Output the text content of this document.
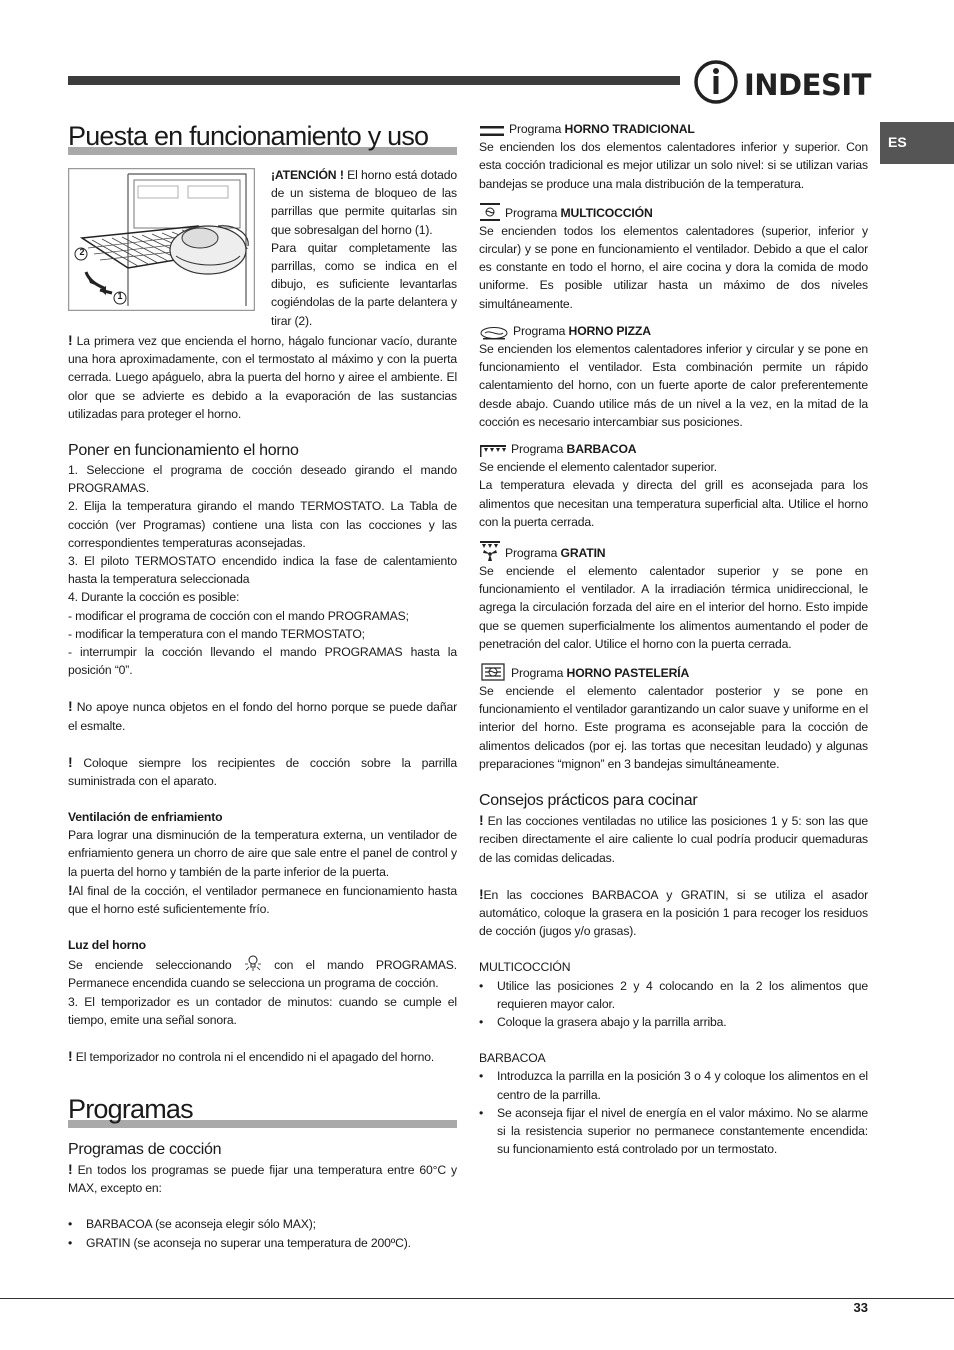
INDESIT
ES
Puesta en funcionamiento y uso
2
1

¡ATENCIÓN ! El horno está dotado de un sistema de bloqueo de las parrillas que permite quitarlas sin que sobresalgan del horno (1).

Para quitar completamente las parrillas, como se indica en el dibujo, es suficiente levantarlas cogiéndolas de la parte delantera y tirar (2).

! La primera vez que encienda el horno, hágalo funcionar vacío, durante una hora aproximadamente, con el termostato al máximo y con la puerta cerrada. Luego apáguelo, abra la puerta del horno y airee el ambiente. El olor que se advierte es debido a la evaporación de las sustancias utilizadas para proteger el horno.

Poner en funcionamiento el horno

1. Seleccione el programa de cocción deseado girando el mando PROGRAMAS.

2. Elija la temperatura girando el mando TERMOSTATO. La Tabla de cocción (ver Programas) contiene una lista con las cocciones y las correspondientes temperaturas aconsejadas.

3. El piloto TERMOSTATO encendido indica la fase de calentamiento hasta la temperatura seleccionada

4. Durante la cocción es posible:

- modificar el programa de cocción con el mando PROGRAMAS;

- modificar la temperatura con el mando TERMOSTATO;

- interrumpir la cocción llevando el mando PROGRAMAS hasta la posición “0”.

! No apoye nunca objetos en el fondo del horno porque se puede dañar el esmalte.

! Coloque siempre los recipientes de cocción sobre la parrilla suministrada con el aparato.

Ventilación de enfriamiento

Para lograr una disminución de la temperatura externa, un ventilador de enfriamiento genera un chorro de aire que sale entre el panel de control y la puerta del horno y también de la parte inferior de la puerta.

!Al final de la cocción, el ventilador permanece en funcionamiento hasta que el horno esté suficientemente frío.

Luz del horno

Se enciende seleccionando  con el mando PROGRAMAS. Permanece encendida cuando se selecciona un programa de cocción.

3. El temporizador es un contador de minutos: cuando se cumple el tiempo, emite una señal sonora.

! El temporizador no controla ni el encendido ni el apagado del horno.

Programas
Programas de cocción

! En todos los programas se puede fijar una temperatura entre 60°C y MAX, excepto en:

• BARBACOA (se aconseja elegir sólo MAX);
• GRATIN (se aconseja no superar una temperatura de 200ºC).
Programa HORNO TRADICIONAL

Se encienden los dos elementos calentadores inferior y superior. Con esta cocción tradicional es mejor utilizar un solo nivel: si se utilizan varias bandejas se produce una mala distribución de la temperatura.

Programa MULTICOCCIÓN

Se encienden todos los elementos calentadores (superior, inferior y circular) y se pone en funcionamiento el ventilador. Debido a que el calor es constante en todo el horno, el aire cocina y dora la comida de modo uniforme. Es posible utilizar hasta un máximo de dos niveles simultáneamente.

Programa HORNO PIZZA

Se encienden los elementos calentadores inferior y circular y se pone en funcionamiento el ventilador. Esta combinación permite un rápido calentamiento del horno, con un fuerte aporte de calor preferentemente desde abajo. Cuando utilice más de un nivel a la vez, en la mitad de la cocción es necesario intercambiar sus posiciones.

Programa BARBACOA

Se enciende el elemento calentador superior.

La temperatura elevada y directa del grill es aconsejada para los alimentos que necesitan una temperatura superficial alta. Utilice el horno con la puerta cerrada.

Programa GRATIN

Se enciende el elemento calentador superior y se pone en funcionamiento el ventilador. A la irradiación térmica unidireccional, le agrega la circulación forzada del aire en el interior del horno. Esto impide que se quemen superficialmente los alimentos aumentando el poder de penetración del calor. Utilice el horno con la puerta cerrada.

Programa HORNO PASTELERÍA

Se enciende el elemento calentador posterior y se pone en funcionamiento el ventilador garantizando un calor suave y uniforme en el interior del horno. Este programa es aconsejable para la cocción de alimentos delicados (por ej. las tortas que necesitan leudado) y algunas preparaciones “mignon” en 3 bandejas simultáneamente.

Consejos prácticos para cocinar

! En las cocciones ventiladas no utilice las posiciones 1 y 5: son las que reciben directamente el aire caliente lo cual podría producir quemaduras de las comidas delicadas.

!En las cocciones BARBACOA y GRATIN, si se utiliza el asador automático, coloque la grasera en la posición 1 para recoger los residuos de cocción (jugos y/o grasas).

MULTICOCCIÓN

• Utilice las posiciones 2 y 4 colocando en la 2 los alimentos que requieren mayor calor.
• Coloque la grasera abajo y la parrilla arriba.

BARBACOA

• Introduzca la parrilla en la posición 3 o 4 y coloque los alimentos en el centro de la parrilla.
• Se aconseja fijar el nivel de energía en el valor máximo. No se alarme si la resistencia superior no permanece constantemente encendida: su funcionamiento está controlado por un termostato.
33
